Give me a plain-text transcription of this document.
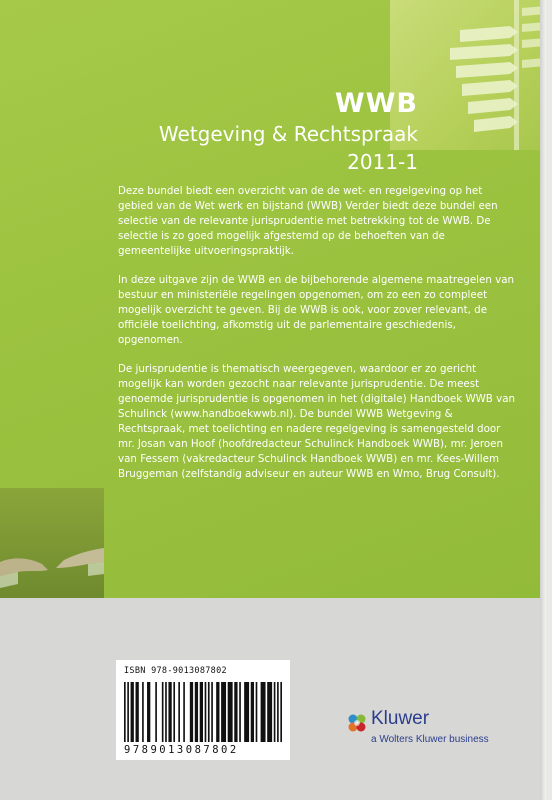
WWB
Wetgeving & Rechtspraak
2011-1

Deze bundel biedt een overzicht van de de wet- en regelgeving op het gebied van de Wet werk en bijstand (WWB) Verder biedt deze bundel een selectie van de relevante jurisprudentie met betrekking tot de WWB. De selectie is zo goed mogelijk afgestemd op de behoeften van de gemeentelijke uitvoeringspraktijk.

In deze uitgave zijn de WWB en de bijbehorende algemene maatregelen van bestuur en ministeriële regelingen opgenomen, om zo een zo compleet mogelijk overzicht te geven. Bij de WWB is ook, voor zover relevant, de officiële toelichting, afkomstig uit de parlementaire geschiedenis, opgenomen.

De jurisprudentie is thematisch weergegeven, waardoor er zo gericht mogelijk kan worden gezocht naar relevante jurisprudentie. De meest genoemde jurisprudentie is opgenomen in het (digitale) Handboek WWB van Schulinck (www.handboekwwb.nl). De bundel WWB Wetgeving & Rechtspraak, met toelichting en nadere regelgeving is samengesteld door mr. Josan van Hoof (hoofdredacteur Schulinck Handboek WWB), mr. Jeroen van Fessem (vakredacteur Schulinck Handboek WWB) en mr. Kees-Willem Bruggeman (zelfstandig adviseur en auteur WWB en Wmo, Brug Consult).

ISBN 978-9013087802
9789013087802
Kluwer
a Wolters Kluwer business
